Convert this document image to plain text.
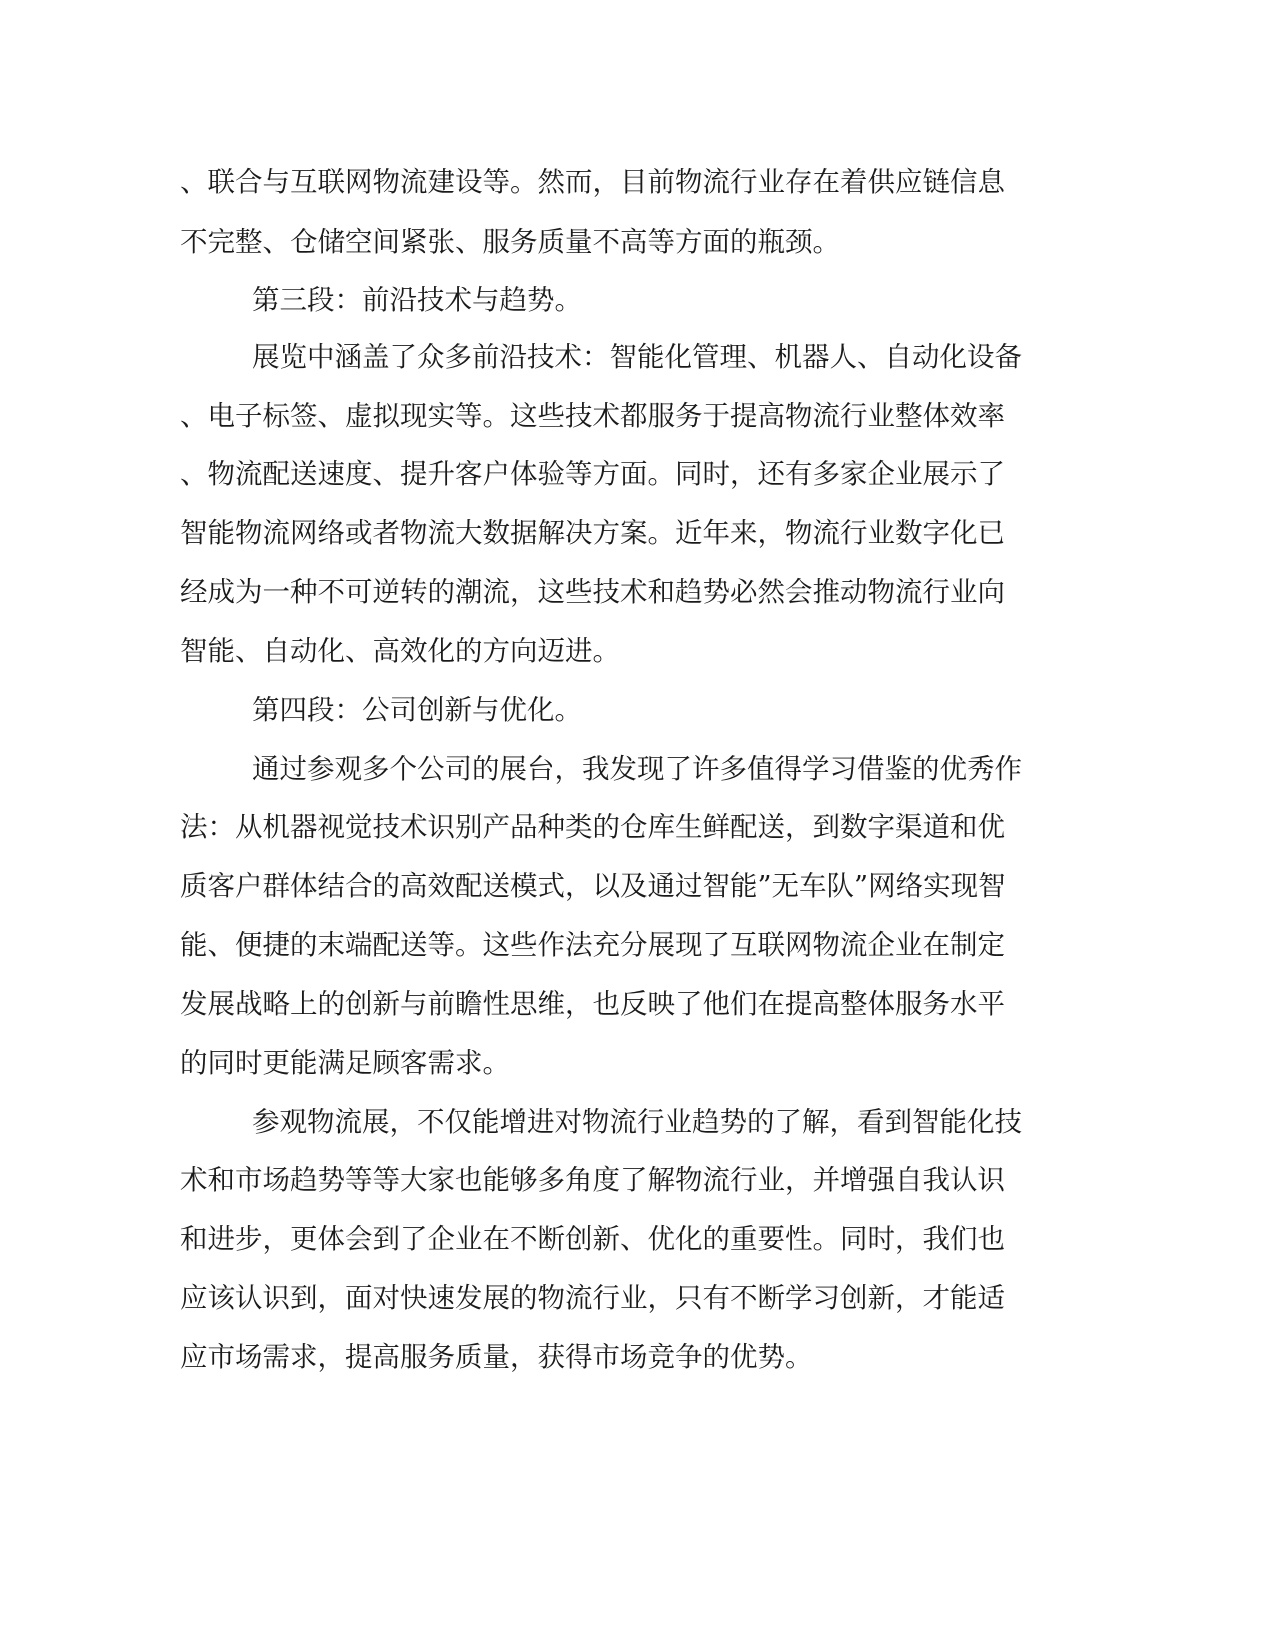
、联合与互联网物流建设等。然而，目前物流行业存在着供应链信息
不完整、仓储空间紧张、服务质量不高等方面的瓶颈。
第三段：前沿技术与趋势。
展览中涵盖了众多前沿技术：智能化管理、机器人、自动化设备
、电子标签、虚拟现实等。这些技术都服务于提高物流行业整体效率
、物流配送速度、提升客户体验等方面。同时，还有多家企业展示了
智能物流网络或者物流大数据解决方案。近年来，物流行业数字化已
经成为一种不可逆转的潮流，这些技术和趋势必然会推动物流行业向
智能、自动化、高效化的方向迈进。
第四段：公司创新与优化。
通过参观多个公司的展台，我发现了许多值得学习借鉴的优秀作
法：从机器视觉技术识别产品种类的仓库生鲜配送，到数字渠道和优
质客户群体结合的高效配送模式，以及通过智能”无车队”网络实现智
能、便捷的末端配送等。这些作法充分展现了互联网物流企业在制定
发展战略上的创新与前瞻性思维，也反映了他们在提高整体服务水平
的同时更能满足顾客需求。
参观物流展，不仅能增进对物流行业趋势的了解，看到智能化技
术和市场趋势等等大家也能够多角度了解物流行业，并增强自我认识
和进步，更体会到了企业在不断创新、优化的重要性。同时，我们也
应该认识到，面对快速发展的物流行业，只有不断学习创新，才能适
应市场需求，提高服务质量，获得市场竞争的优势。
